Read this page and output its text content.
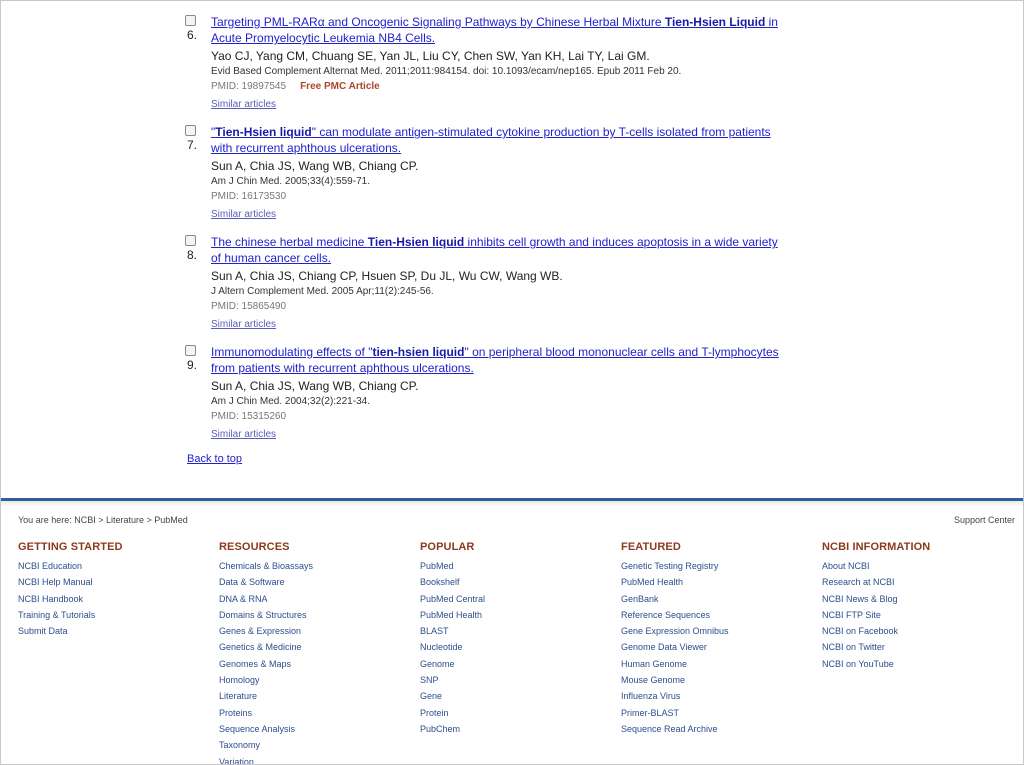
6.

Targeting PML-RARα and Oncogenic Signaling Pathways by Chinese Herbal Mixture Tien-Hsien Liquid in Acute Promyelocytic Leukemia NB4 Cells.

Yao CJ, Yang CM, Chuang SE, Yan JL, Liu CY, Chen SW, Yan KH, Lai TY, Lai GM.
Evid Based Complement Alternat Med. 2011;2011:984154. doi: 10.1093/ecam/nep165. Epub 2011 Feb 20.
PMID: 19897545 Free PMC Article
Similar articles
7.

"Tien-Hsien liquid" can modulate antigen-stimulated cytokine production by T-cells isolated from patients with recurrent aphthous ulcerations.

Sun A, Chia JS, Wang WB, Chiang CP.
Am J Chin Med. 2005;33(4):559-71.
PMID: 16173530
Similar articles
8.

The chinese herbal medicine Tien-Hsien liquid inhibits cell growth and induces apoptosis in a wide variety of human cancer cells.

Sun A, Chia JS, Chiang CP, Hsuen SP, Du JL, Wu CW, Wang WB.
J Altern Complement Med. 2005 Apr;11(2):245-56.
PMID: 15865490
Similar articles
9.

Immunomodulating effects of "tien-hsien liquid" on peripheral blood mononuclear cells and T-lymphocytes from patients with recurrent aphthous ulcerations.

Sun A, Chia JS, Wang WB, Chiang CP.
Am J Chin Med. 2004;32(2):221-34.
PMID: 15315260
Similar articles
Back to top
You are here: NCBI > Literature > PubMed	Support Center
GETTING STARTED
NCBI Education
NCBI Help Manual
NCBI Handbook
Training & Tutorials
Submit Data
RESOURCES
Chemicals & Bioassays
Data & Software
DNA & RNA
Domains & Structures
Genes & Expression
Genetics & Medicine
Genomes & Maps
Homology
Literature
Proteins
Sequence Analysis
Taxonomy
Variation
POPULAR
PubMed
Bookshelf
PubMed Central
PubMed Health
BLAST
Nucleotide
Genome
SNP
Gene
Protein
PubChem
FEATURED
Genetic Testing Registry
PubMed Health
GenBank
Reference Sequences
Gene Expression Omnibus
Genome Data Viewer
Human Genome
Mouse Genome
Influenza Virus
Primer-BLAST
Sequence Read Archive
NCBI INFORMATION
About NCBI
Research at NCBI
NCBI News & Blog
NCBI FTP Site
NCBI on Facebook
NCBI on Twitter
NCBI on YouTube
